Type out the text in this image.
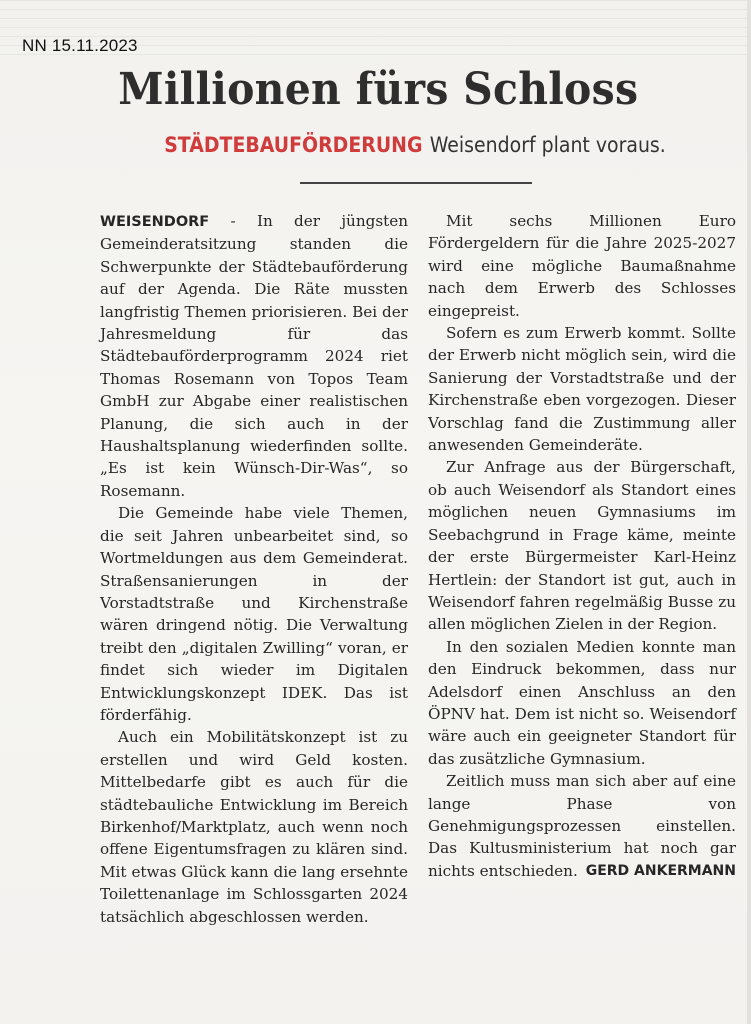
NN 15.11.2023
Millionen fürs Schloss
STÄDTEBAUFÖRDERUNG Weisendorf plant voraus.

WEISENDORF - In der jüngsten Gemeinderatsitzung standen die Schwerpunkte der Städtebauförderung auf der Agenda. Die Räte mussten langfristig Themen priorisieren. Bei der Jahresmeldung für das Städtebauförderprogramm 2024 riet Thomas Rosemann von Topos Team GmbH zur Abgabe einer realistischen Planung, die sich auch in der Haushaltsplanung wiederfinden sollte. „Es ist kein Wünsch-Dir-Was“, so Rosemann.

Die Gemeinde habe viele Themen, die seit Jahren unbearbeitet sind, so Wortmeldungen aus dem Gemeinderat. Straßensanierungen in der Vorstadtstraße und Kirchenstraße wären dringend nötig. Die Verwaltung treibt den „digitalen Zwilling“ voran, er findet sich wieder im Digitalen Entwicklungskonzept IDEK. Das ist förderfähig.

Auch ein Mobilitätskonzept ist zu erstellen und wird Geld kosten. Mittelbedarfe gibt es auch für die städtebauliche Entwicklung im Bereich Birkenhof/Marktplatz, auch wenn noch offene Eigentumsfragen zu klären sind. Mit etwas Glück kann die lang ersehnte Toilettenanlage im Schlossgarten 2024 tatsächlich abgeschlossen werden.

Mit sechs Millionen Euro Fördergeldern für die Jahre 2025-2027 wird eine mögliche Baumaßnahme nach dem Erwerb des Schlosses eingepreist.

Sofern es zum Erwerb kommt. Sollte der Erwerb nicht möglich sein, wird die Sanierung der Vorstadtstraße und der Kirchenstraße eben vorgezogen. Dieser Vorschlag fand die Zustimmung aller anwesenden Gemeinderäte.

Zur Anfrage aus der Bürgerschaft, ob auch Weisendorf als Standort eines möglichen neuen Gymnasiums im Seebachgrund in Frage käme, meinte der erste Bürgermeister Karl-Heinz Hertlein: der Standort ist gut, auch in Weisendorf fahren regelmäßig Busse zu allen möglichen Zielen in der Region.

In den sozialen Medien konnte man den Eindruck bekommen, dass nur Adelsdorf einen Anschluss an den ÖPNV hat. Dem ist nicht so. Weisendorf wäre auch ein geeigneter Standort für das zusätzliche Gymnasium.

Zeitlich muss man sich aber auf eine lange Phase von Genehmigungsprozessen einstellen. Das Kultusministerium hat noch gar nichts entschieden. GERD ANKERMANN
